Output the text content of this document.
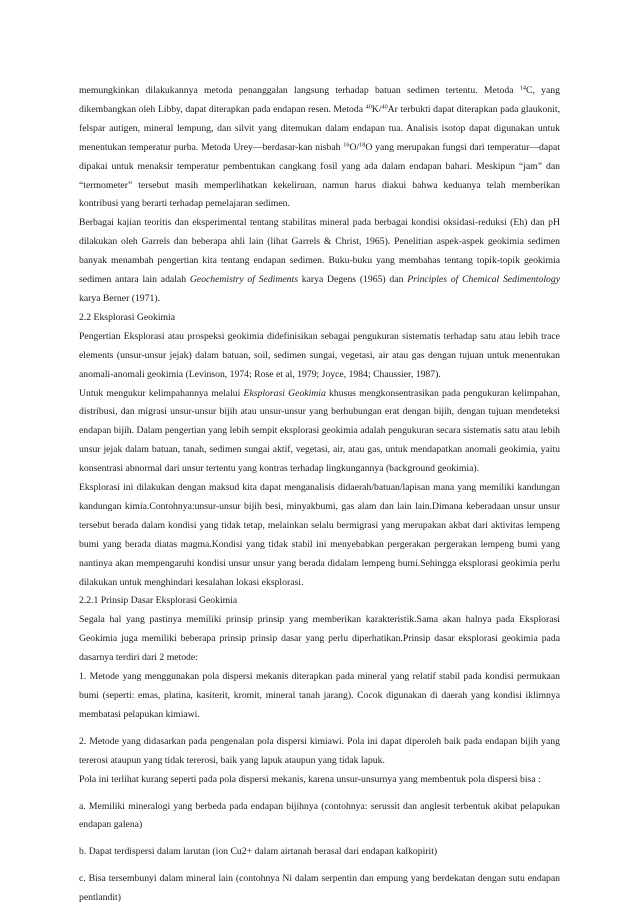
memungkinkan dilakukannya metoda penanggalan langsung terhadap batuan sedimen tertentu. Metoda $^{14}$C, yang dikembangkan oleh Libby, dapat diterapkan pada endapan resen. Metoda $^{40}$K/$^{40}$Ar terbukti dapat diterapkan pada glaukonit, felspar autigen, mineral lempung, dan silvit yang ditemukan dalam endapan tua. Analisis isotop dapat digunakan untuk menentukan temperatur purba. Metoda Urey—berdasar-kan nisbah $^{16}$O/$^{18}$O yang merupakan fungsi dari temperatur—dapat dipakai untuk menaksir temperatur pembentukan cangkang fosil yang ada dalam endapan bahari. Meskipun “jam” dan “termometer” tersebut masih memperlihatkan kekeliruan, namun harus diakui bahwa keduanya telah memberikan kontribusi yang berarti terhadap pemelajaran sedimen.

Berbagai kajian teoritis dan eksperimental tentang stabilitas mineral pada berbagai kondisi oksidasi-reduksi (Eh) dan pH dilakukan oleh Garrels dan beberapa ahli lain (lihat Garrels & Christ, 1965). Penelitian aspek-aspek geokimia sedimen banyak menambah pengertian kita tentang endapan sedimen. Buku-buku yang membahas tentang topik-topik geokimia sedimen antara lain adalah Geochemistry of Sediments karya Degens (1965) dan Principles of Chemical Sedimentology karya Berner (1971).

2.2 Eksplorasi Geokimia

Pengertian Eksplorasi atau prospeksi geokimia didefinisikan sebagai pengukuran sistematis terhadap satu atau lebih trace elements (unsur-unsur jejak) dalam batuan, soil, sedimen sungai, vegetasi, air atau gas dengan tujuan untuk menentukan anomali-anomali geokimia (Levinson, 1974; Rose et al, 1979; Joyce, 1984; Chaussier, 1987).

Untuk mengukur kelimpahannya melalui Eksplorasi Geokimia khusus mengkonsentrasikan pada pengukuran kelimpahan, distribusi, dan migrasi unsur-unsur bijih atau unsur-unsur yang berhubungan erat dengan bijih, dengan tujuan mendeteksi endapan bijih. Dalam pengertian yang lebih sempit eksplorasi geokimia adalah pengukuran secara sistematis satu atau lebih unsur jejak dalam batuan, tanah, sedimen sungai aktif, vegetasi, air, atau gas, untuk mendapatkan anomali geokimia, yaitu konsentrasi abnormal dari unsur tertentu yang kontras terhadap lingkungannya (background geokimia).

Eksplorasi ini dilakukan dengan maksud kita dapat menganalisis didaerah/batuan/lapisan mana yang memiliki kandungan kandungan kimia.Contohnya:unsur-unsur bijih besi, minyakbumi, gas alam dan lain lain.Dimana keberadaan unsur unsur tersebut berada dalam kondisi yang tidak tetap, melainkan selalu bermigrasi yang merupakan akbat dari aktivitas lempeng bumi yang berada diatas magma.Kondisi yang tidak stabil ini menyebabkan pergerakan pergerakan lempeng bumi yang nantinya akan mempengaruhi kondisi unsur unsur yang berada didalam lempeng bumi.Sehingga eksplorasi geokimia perlu dilakukan untuk menghindari kesalahan lokasi eksplorasi.

2.2.1 Prinsip Dasar Eksplorasi Geokimia

Segala hal yang pastinya memiliki prinsip prinsip yang memberikan karakteristik.Sama akan halnya pada Eksplorasi Geokimia juga memiliki beberapa prinsip prinsip dasar yang perlu diperhatikan.Prinsip dasar eksplorasi geokimia pada dasarnya terdiri dari 2 metode:

1. Metode yang menggunakan pola dispersi mekanis diterapkan pada mineral yang relatif stabil pada kondisi permukaan bumi (seperti: emas, platina, kasiterit, kromit, mineral tanah jarang). Cocok digunakan di daerah yang kondisi iklimnya membatasi pelapukan kimiawi.

2. Metode yang didasarkan pada pengenalan pola dispersi kimiawi. Pola ini dapat diperoleh baik pada endapan bijih yang tererosi ataupun yang tidak tererosi, baik yang lapuk ataupun yang tidak lapuk.

Pola ini terlihat kurang seperti pada pola dispersi mekanis, karena unsur-unsurnya yang membentuk pola dispersi bisa :

a. Memiliki mineralogi yang berbeda pada endapan bijihnya (contohnya: serussit dan anglesit terbentuk akibat pelapukan endapan galena)

b. Dapat terdispersi dalam larutan (ion Cu2+ dalam airtanah berasal dari endapan kalkopirit)

c. Bisa tersembunyi dalam mineral lain (contohnya Ni dalam serpentin dan empung yang berdekatan dengan sutu endapan pentlandit)
